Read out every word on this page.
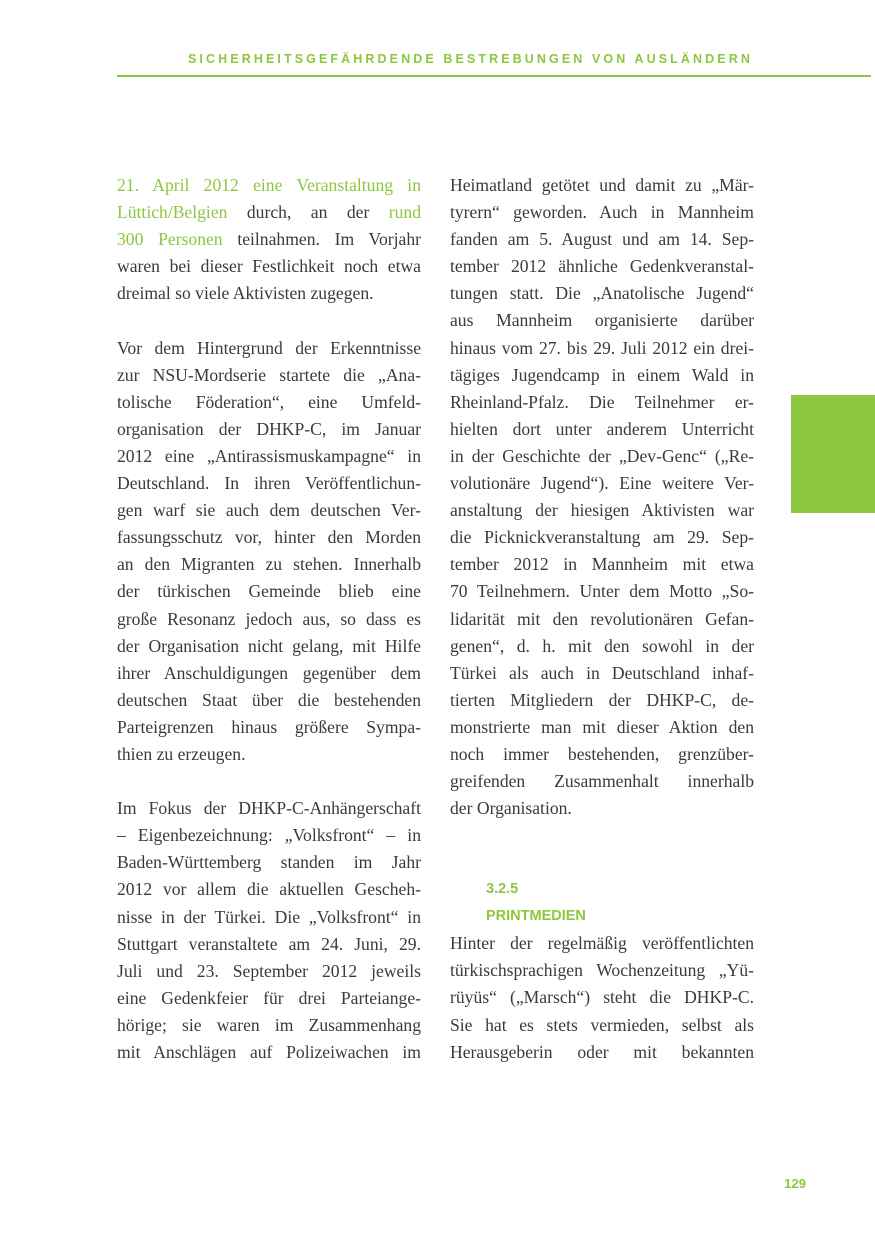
SICHERHEITSGEFÄHRDENDE BESTREBUNGEN VON AUSLÄNDERN
21. April 2012 eine Veranstaltung in
Lüttich/Belgien durch, an der rund
300 Personen teilnahmen. Im Vorjahr
waren bei dieser Festlichkeit noch etwa
dreimal so viele Aktivisten zugegen.
Vor dem Hintergrund der Erkenntnisse
zur NSU-Mordserie startete die „Ana-
tolische Föderation“, eine Umfeld-
organisation der DHKP-C, im Januar
2012 eine „Antirassismuskampagne“ in
Deutschland. In ihren Veröffentlichun-
gen warf sie auch dem deutschen Ver-
fassungsschutz vor, hinter den Morden
an den Migranten zu stehen. Innerhalb
der türkischen Gemeinde blieb eine
große Resonanz jedoch aus, so dass es
der Organisation nicht gelang, mit Hilfe
ihrer Anschuldigungen gegenüber dem
deutschen Staat über die bestehenden
Parteigrenzen hinaus größere Sympa-
thien zu erzeugen.
Im Fokus der DHKP-C-Anhängerschaft
– Eigenbezeichnung: „Volksfront“ – in
Baden-Württemberg standen im Jahr
2012 vor allem die aktuellen Gescheh-
nisse in der Türkei. Die „Volksfront“ in
Stuttgart veranstaltete am 24. Juni, 29.
Juli und 23. September 2012 jeweils
eine Gedenkfeier für drei Parteiange-
hörige; sie waren im Zusammenhang
mit Anschlägen auf Polizeiwachen im
Heimatland getötet und damit zu „Mär-
tyrern“ geworden. Auch in Mannheim
fanden am 5. August und am 14. Sep-
tember 2012 ähnliche Gedenkveranstal-
tungen statt. Die „Anatolische Jugend“
aus Mannheim organisierte darüber
hinaus vom 27. bis 29. Juli 2012 ein drei-
tägiges Jugendcamp in einem Wald in
Rheinland-Pfalz. Die Teilnehmer er-
hielten dort unter anderem Unterricht
in der Geschichte der „Dev-Genc“ („Re-
volutionäre Jugend“). Eine weitere Ver-
anstaltung der hiesigen Aktivisten war
die Picknickveranstaltung am 29. Sep-
tember 2012 in Mannheim mit etwa
70 Teilnehmern. Unter dem Motto „So-
lidarität mit den revolutionären Gefan-
genen“, d. h. mit den sowohl in der
Türkei als auch in Deutschland inhaf-
tierten Mitgliedern der DHKP-C, de-
monstrierte man mit dieser Aktion den
noch immer bestehenden, grenzüber-
greifenden Zusammenhalt innerhalb
der Organisation.
3.2.5
PRINTMEDIEN
Hinter der regelmäßig veröffentlichten
türkischsprachigen Wochenzeitung „Yü-
rüyüs“ („Marsch“) steht die DHKP-C.
Sie hat es stets vermieden, selbst als
Herausgeberin oder mit bekannten
129
